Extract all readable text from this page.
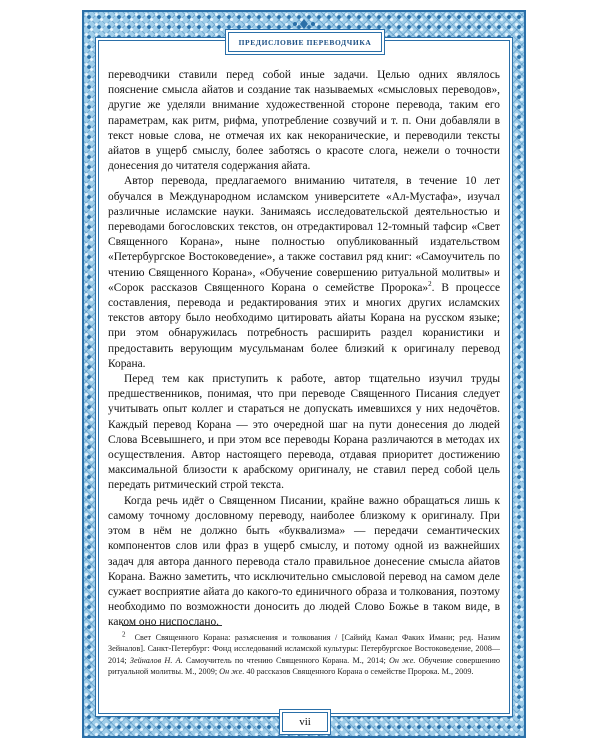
ПРЕДИСЛОВИЕ ПЕРЕВОДЧИКА

переводчики ставили перед собой иные задачи. Целью одних являлось пояснение смысла айатов и создание так называемых «смысловых переводов», другие же уделяли внимание художественной стороне перевода, таким его параметрам, как ритм, рифма, употребление созвучий и т. п. Они добавляли в текст новые слова, не отмечая их как некоранические, и переводили тексты айатов в ущерб смыслу, более заботясь о красоте слога, нежели о точности донесения до читателя содержания айата.

Автор перевода, предлагаемого вниманию читателя, в течение 10 лет обучался в Международном исламском университете «Ал-Мустафа», изучал различные исламские науки. Занимаясь исследовательской деятельностью и переводами богословских текстов, он отредактировал 12-томный тафсир «Свет Священного Корана», ныне полностью опубликованный издательством «Петербургское Востоковедение», а также составил ряд книг: «Самоучитель по чтению Священного Корана», «Обучение совершению ритуальной молитвы» и «Сорок рассказов Священного Корана о семействе Пророка»$^2$. В процессе составления, перевода и редактирования этих и многих других исламских текстов автору было необходимо цитировать айаты Корана на русском языке; при этом обнаружилась потребность расширить раздел коранистики и предоставить верующим мусульманам более близкий к оригиналу перевод Корана.

Перед тем как приступить к работе, автор тщательно изучил труды предшественников, понимая, что при переводе Священного Писания следует учитывать опыт коллег и стараться не допускать имевшихся у них недочётов. Каждый перевод Корана — это очередной шаг на пути донесения до людей Слова Всевышнего, и при этом все переводы Корана различаются в методах их осуществления. Автор настоящего перевода, отдавая приоритет достижению максимальной близости к арабскому оригиналу, не ставил перед собой цель передать ритмический строй текста.

Когда речь идёт о Священном Писании, крайне важно обращаться лишь к самому точному дословному переводу, наиболее близкому к оригиналу. При этом в нём не должно быть «буквализма» — передачи семантических компонентов слов или фраз в ущерб смыслу, и потому одной из важнейших задач для автора данного перевода стало правильное донесение смысла айатов Корана. Важно заметить, что исключительно смысловой перевод на самом деле сужает восприятие айата до какого-то единичного образа и толкования, поэтому необходимо по возможности доносить до людей Слово Божье в таком виде, в каком оно ниспослано.

$^2$ Свет Священного Корана: разъяснения и толкования / [Сайийд Камал Факих Имани; ред. Назим Зейналов]. Санкт-Петербург: Фонд исследований исламской культуры: Петербургское Востоковедение, 2008—2014; Зейналов Н. А. Самоучитель по чтению Священного Корана. М., 2014; Он же. Обучение совершению ритуальной молитвы. М., 2009; Он же. 40 рассказов Священного Корана о семействе Пророка. М., 2009.

vii
